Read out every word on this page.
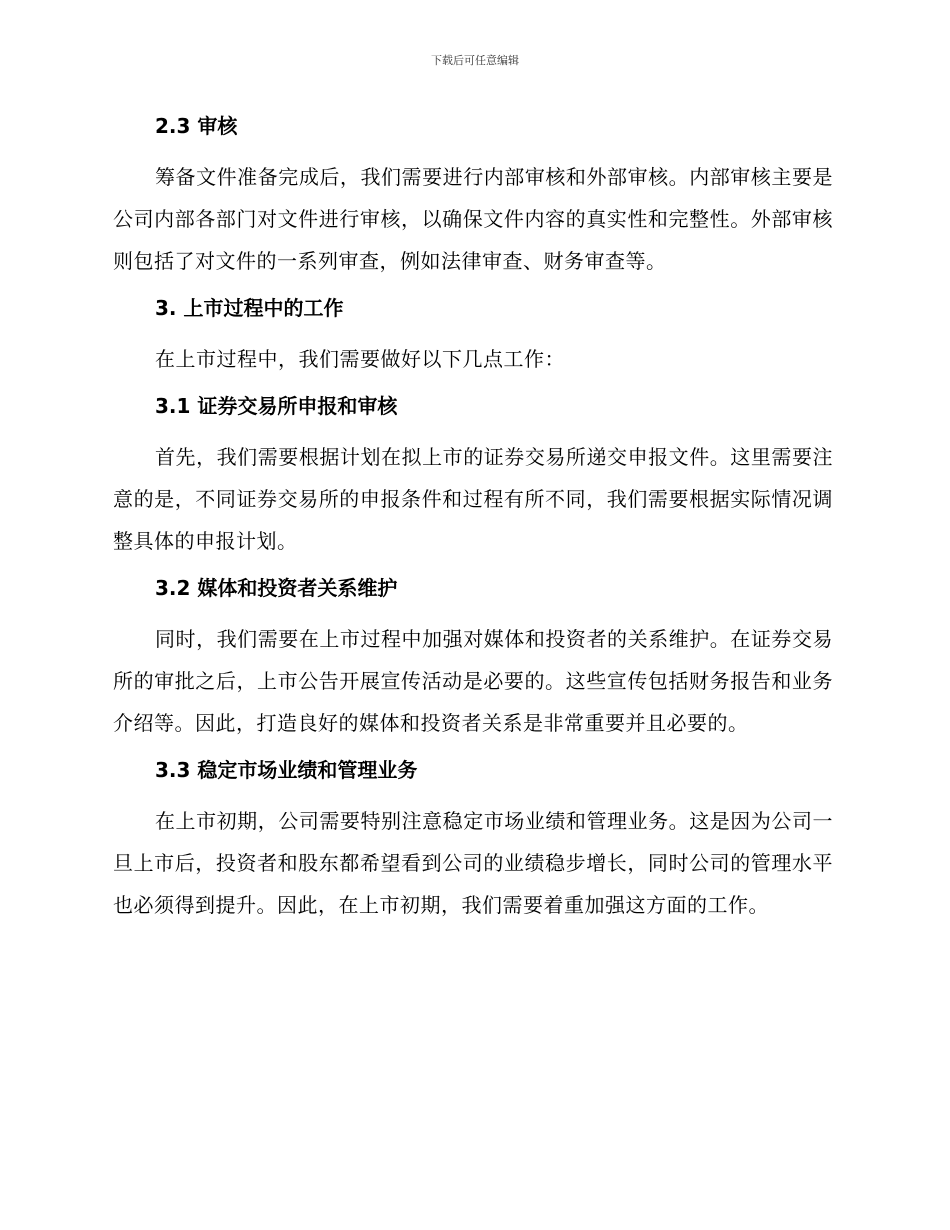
下载后可任意编辑
2.3 审核

筹备文件准备完成后，我们需要进行内部审核和外部审核。内部审核主要是公司内部各部门对文件进行审核，以确保文件内容的真实性和完整性。外部审核则包括了对文件的一系列审查，例如法律审查、财务审查等。

3. 上市过程中的工作

在上市过程中，我们需要做好以下几点工作：

3.1 证券交易所申报和审核

首先，我们需要根据计划在拟上市的证券交易所递交申报文件。这里需要注意的是，不同证券交易所的申报条件和过程有所不同，我们需要根据实际情况调整具体的申报计划。

3.2 媒体和投资者关系维护

同时，我们需要在上市过程中加强对媒体和投资者的关系维护。在证券交易所的审批之后，上市公告开展宣传活动是必要的。这些宣传包括财务报告和业务介绍等。因此，打造良好的媒体和投资者关系是非常重要并且必要的。

3.3 稳定市场业绩和管理业务

在上市初期，公司需要特别注意稳定市场业绩和管理业务。这是因为公司一旦上市后，投资者和股东都希望看到公司的业绩稳步增长，同时公司的管理水平也必须得到提升。因此，在上市初期，我们需要着重加强这方面的工作。
